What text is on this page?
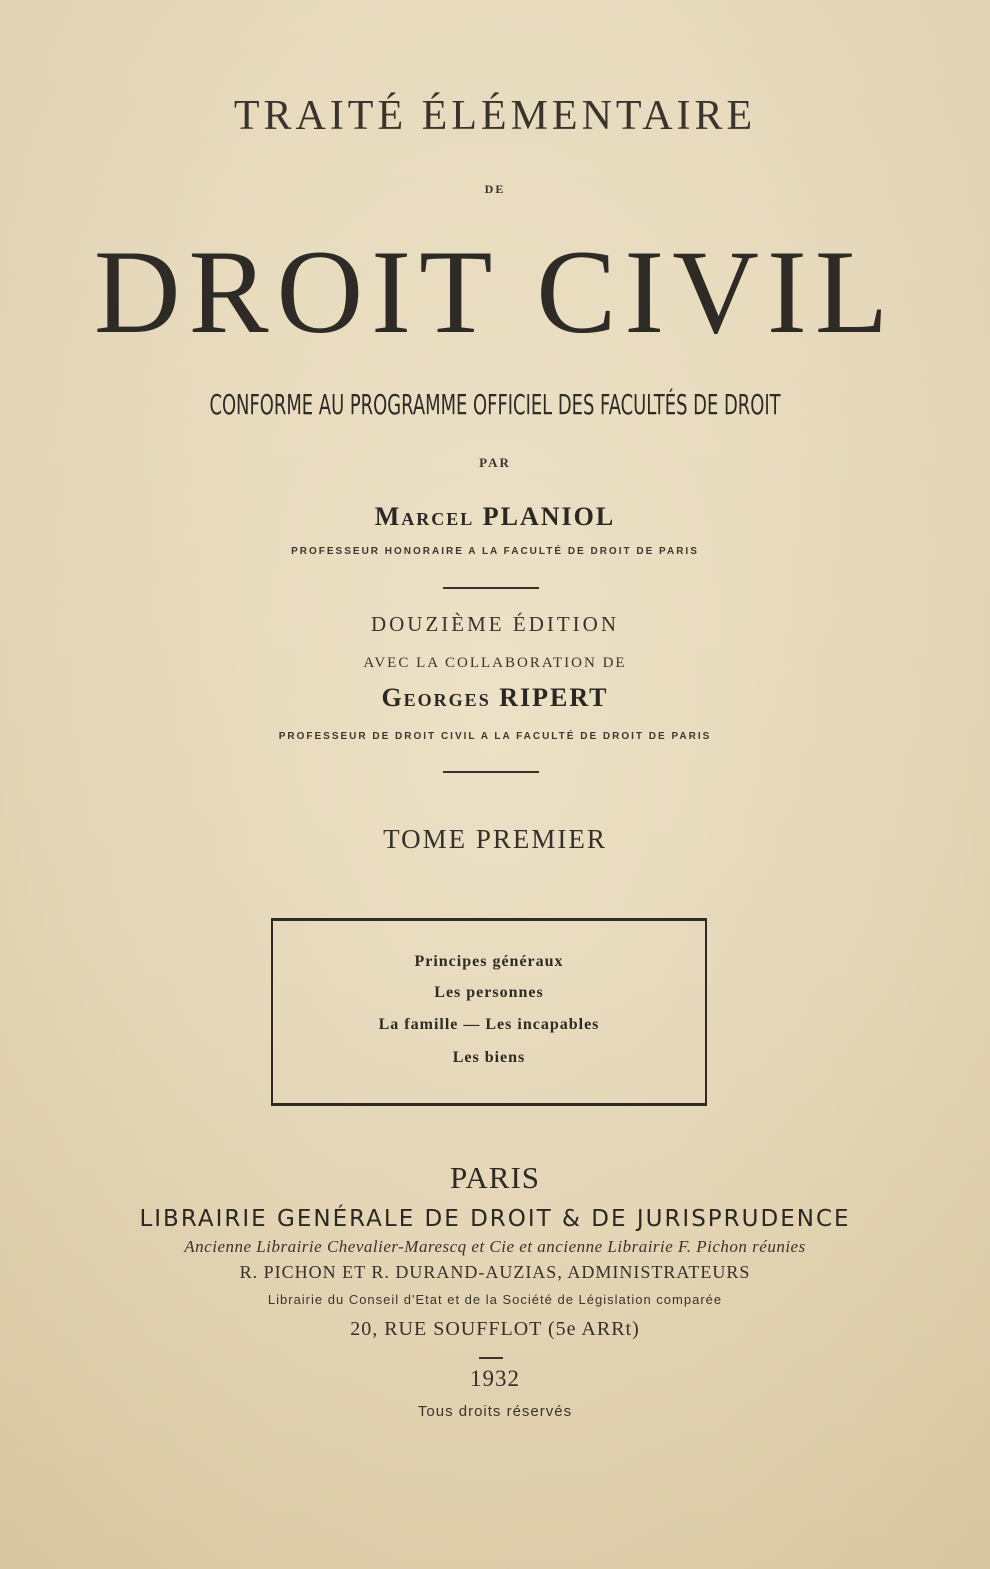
TRAITÉ ÉLÉMENTAIRE
DE
DROIT CIVIL
CONFORME AU PROGRAMME OFFICIEL DES FACULTÉS DE DROIT
PAR
Marcel PLANIOL
PROFESSEUR HONORAIRE A LA FACULTÉ DE DROIT DE PARIS
DOUZIÈME ÉDITION
AVEC LA COLLABORATION DE
Georges RIPERT
PROFESSEUR DE DROIT CIVIL A LA FACULTÉ DE DROIT DE PARIS
TOME PREMIER
Principes généraux
Les personnes
La famille — Les incapables
Les biens
PARIS
LIBRAIRIE GENÉRALE DE DROIT & DE JURISPRUDENCE
Ancienne Librairie Chevalier-Marescq et Cie et ancienne Librairie F. Pichon réunies
R. PICHON ET R. DURAND-AUZIAS, ADMINISTRATEURS
Librairie du Conseil d'Etat et de la Société de Législation comparée
20, RUE SOUFFLOT (5e ARRt)
1932
Tous droits réservés
